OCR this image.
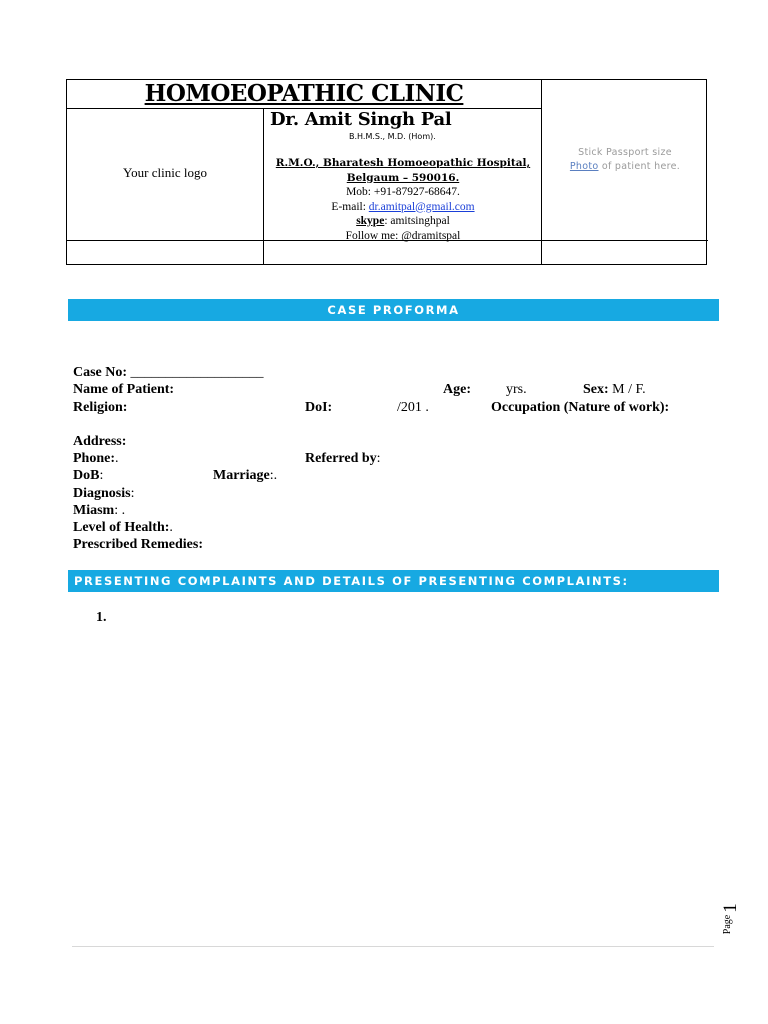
HOMOEOPATHIC CLINIC
Your clinic logo
Dr. Amit Singh Pal
B.H.M.S., M.D. (Hom).
R.M.O., Bharatesh Homoeopathic Hospital,
Belgaum – 590016.
Mob: +91-87927-68647.
E-mail: dr.amitpal@gmail.com
skype: amitsinghpal
Follow me: @dramitspal
Stick Passport size
Photo of patient here.
CASE PROFORMA
Case No: ___________________
Name of Patient:	Age:	yrs.	Sex: M / F.
Religion:	DoI:	/201 .	Occupation (Nature of work):
Address:
Phone:.	Referred by:
DoB:	Marriage:.
Diagnosis:
Miasm: .
Level of Health:.
Prescribed Remedies:
PRESENTING COMPLAINTS AND DETAILS OF PRESENTING COMPLAINTS:
1.
Page
1
